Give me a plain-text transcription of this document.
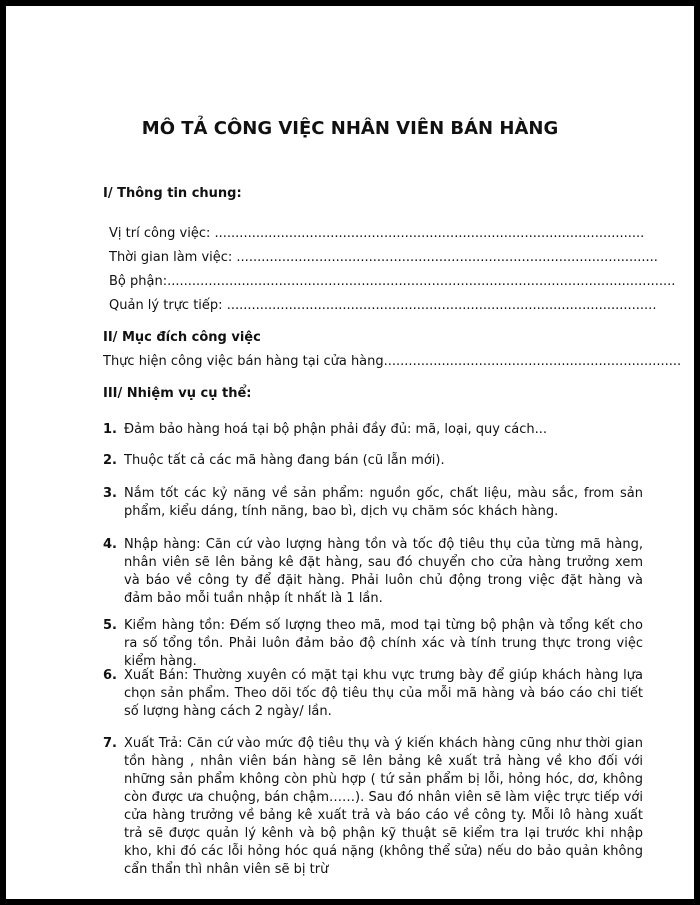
MÔ TẢ CÔNG VIỆC NHÂN VIÊN BÁN HÀNG
I/ Thông tin chung:
Vị trí công việc: ........................................................................................................
Thời gian làm việc: ......................................................................................................
Bộ phận:...........................................................................................................................
Quản lý trực tiếp: ........................................................................................................
II/ Mục đích công việc
Thực hiện công việc bán hàng tại cửa hàng........................................................................
III/ Nhiệm vụ cụ thể:
1. Đảm bảo hàng hoá tại bộ phận phải đầy đủ: mã, loại, quy cách...
2. Thuộc tất cả các mã hàng đang bán (cũ lẫn mới).
3. Nắm tốt các kỷ năng về sản phẩm: nguồn gốc, chất liệu, màu sắc, from sản phẩm, kiểu dáng, tính năng, bao bì, dịch vụ chăm sóc khách hàng.
4. Nhập hàng: Căn cứ vào lượng hàng tồn và tốc độ tiêu thụ của từng mã hàng, nhân viên sẽ lên bảng kê đặt hàng, sau đó chuyển cho cửa hàng trưởng xem và báo về công ty để đặit hàng. Phải luôn chủ động trong việc đặt hàng và đảm bảo mỗi tuần nhập ít nhất là 1 lần.
5. Kiểm hàng tồn: Đếm số lượng theo mã, mod tại từng bộ phận và tổng kết cho ra số tổng tồn. Phải luôn đảm bảo độ chính xác và tính trung thực trong việc kiểm hàng.
6. Xuất Bán: Thường xuyên có mặt tại khu vực trưng bày để giúp khách hàng lựa chọn sản phẩm. Theo dõi tốc độ tiêu thụ của mỗi mã hàng và báo cáo chi tiết số lượng hàng cách 2 ngày/ lần.
7. Xuất Trả: Căn cứ vào mức độ tiêu thụ và ý kiến khách hàng cũng như thời gian tồn hàng , nhân viên bán hàng sẽ lên bảng kê xuất trả hàng về kho đối với những sản phẩm không còn phù hợp ( tứ sản phẩm bị lỗi, hỏng hóc, dơ, không còn được ưa chuộng, bán chậm……). Sau đó nhân viên sẽ làm việc trực tiếp với cửa hàng trưởng về bảng kê xuất trả và báo cáo về công ty. Mỗi lô hàng xuất trả sẽ được quản lý kênh và bộ phận kỹ thuật sẽ kiểm tra lại trước khi nhập kho, khi đó các lỗi hỏng hóc quá nặng (không thể sửa) nếu do bảo quản không cẩn thẩn thì nhân viên sẽ bị trừ
